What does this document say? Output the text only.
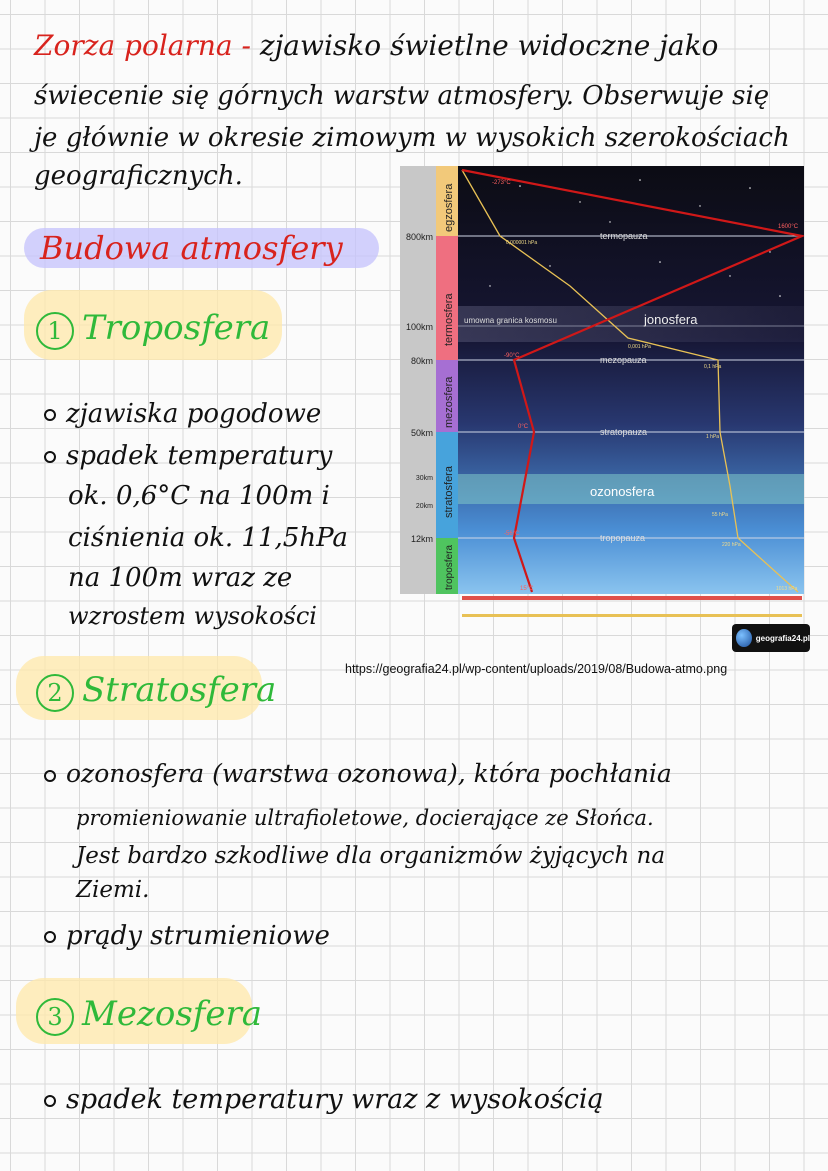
Zorza polarna - zjawisko świetlne widoczne jako
świecenie się górnych warstw atmosfery. Obserwuje się
je głównie w okresie zimowym w wysokich szerokościach
geograficznych.
Budowa atmosfery
1 Troposfera
zjawiska pogodowe
spadek temperatury
ok. 0,6°C na 100m i
ciśnienia ok. 11,5hPa
na 100m wraz ze
wzrostem wysokości
egzosfera
termosfera
mezosfera
stratosfera
troposfera
800km
100km
80km
50km
30km
20km
12km
termopauza
mezopauza
stratopauza
tropopauza
umowna granica kosmosu	jonosfera
ozonosfera
-273°C
1600°C
-90°C
0°C
-56°C
15°C
0,000001 hPa
0,001 hPa
0,1 hPa
1 hPa
55 hPa
220 hPa
1013 hPa
geografia24.pl
https://geografia24.pl/wp-content/uploads/2019/08/Budowa-atmo.png
2 Stratosfera
ozonosfera (warstwa ozonowa), która pochłania
promieniowanie ultrafioletowe, docierające ze Słońca.
Jest bardzo szkodliwe dla organizmów żyjących na
Ziemi.
prądy strumieniowe
3 Mezosfera
spadek temperatury wraz z wysokością
